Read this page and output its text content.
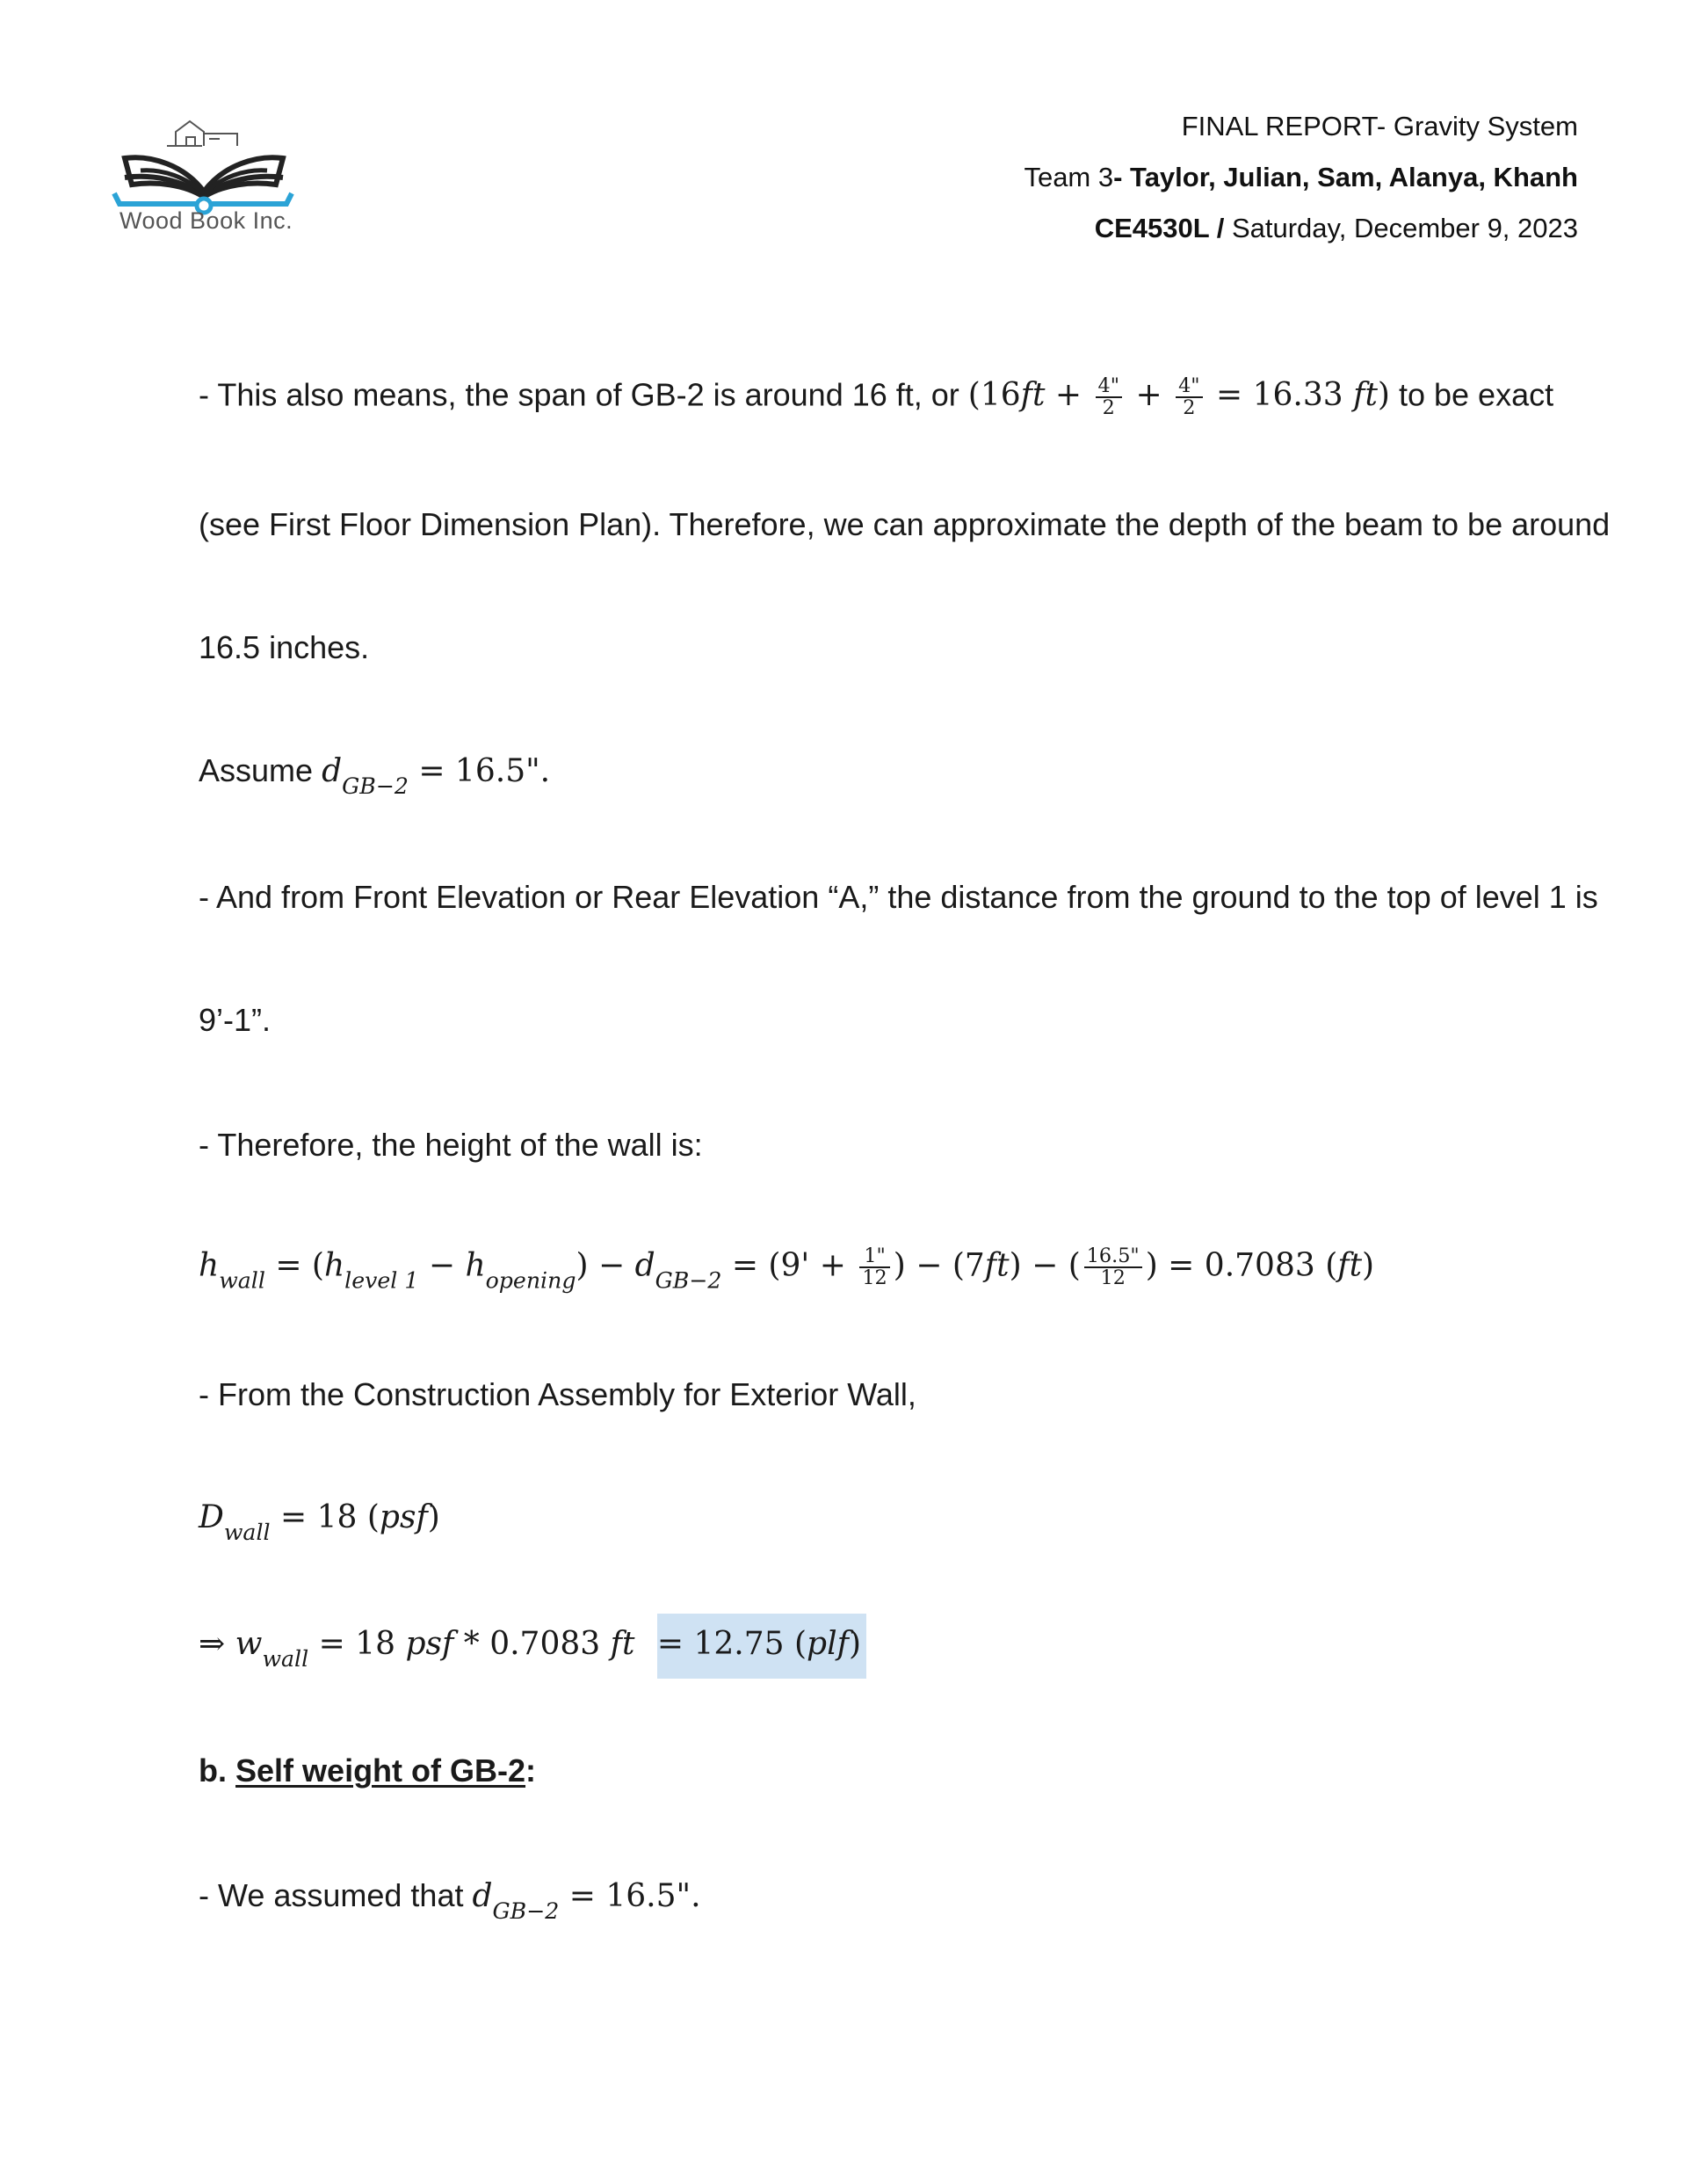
Wood Book Inc.
FINAL REPORT- Gravity System
Team 3- Taylor, Julian, Sam, Alanya, Khanh
CE4530L / Saturday, December 9, 2023
- This also means, the span of GB-2 is around 16 ft, or ($16ft + \frac{4"}{2} + \frac{4"}{2} = 16.33$ ft) to be exact
(see First Floor Dimension Plan). Therefore, we can approximate the depth of the beam to be around
16.5 inches.
Assume $d_{GB-2} = 16.5$".
- And from Front Elevation or Rear Elevation “A,” the distance from the ground to the top of level 1 is
9’-1”.
- Therefore, the height of the wall is:
$h_{wall} = (h_{level 1} - h_{opening}) - d_{GB-2} = (9' + \frac{1"}{12}$ ) − (7ft) − ( $\frac{16.5"}{12}$ ) = 0.7083 (ft)
- From the Construction Assembly for Exterior Wall,
$D_{wall} = 18$ (psf)
⇒ $w_{wall} = 18$ psf * 0.7083 ft = 12.75 (plf)
b. Self weight of GB-2:
- We assumed that $d_{GB-2} = 16.5$".
